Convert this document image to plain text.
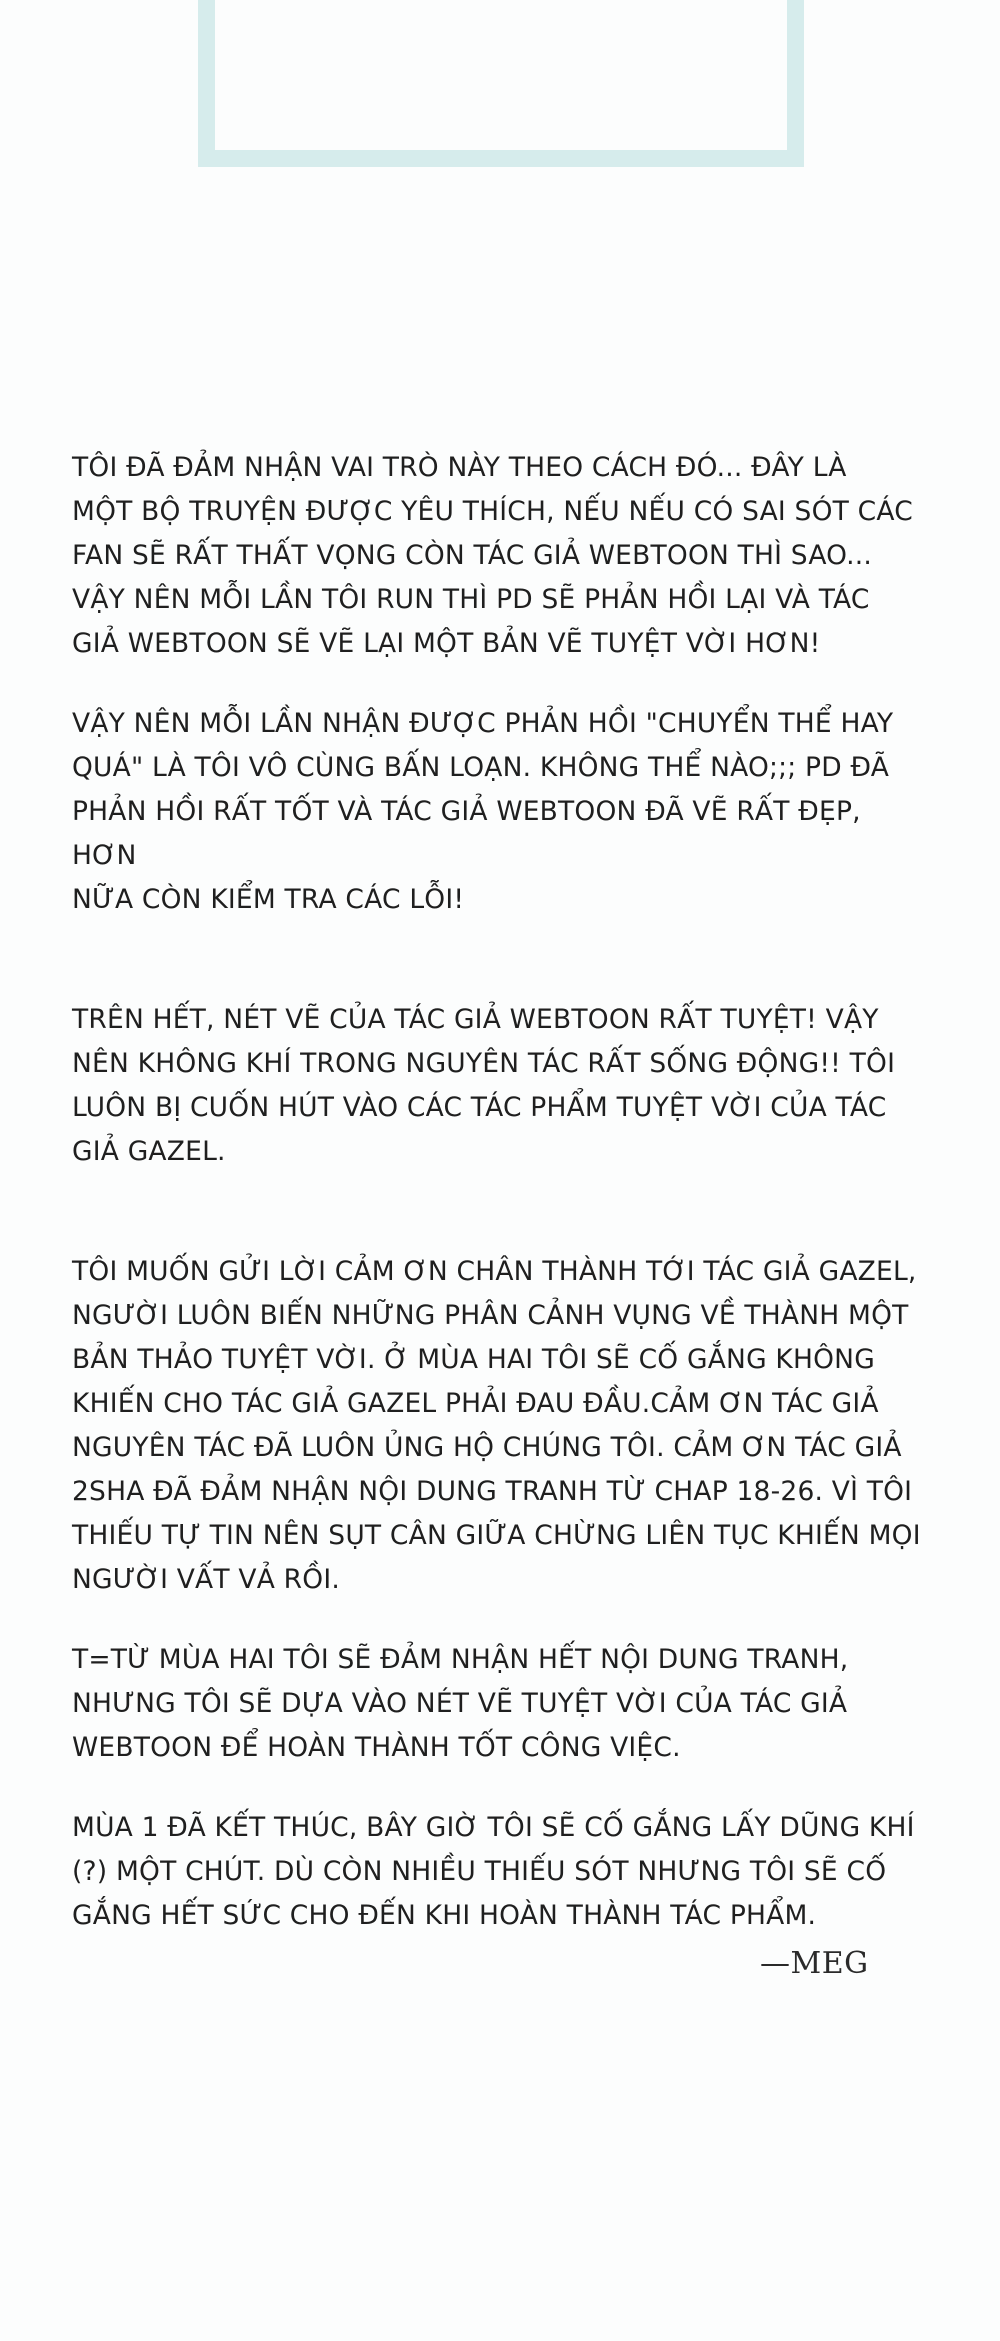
TÔI ĐÃ ĐẢM NHẬN VAI TRÒ NÀY THEO CÁCH ĐÓ... ĐÂY LÀ
MỘT BỘ TRUYỆN ĐƯỢC YÊU THÍCH, NẾU NẾU CÓ SAI SÓT CÁC
FAN SẼ RẤT THẤT VỌNG CÒN TÁC GIẢ WEBTOON THÌ SAO...
VẬY NÊN MỖI LẦN TÔI RUN THÌ PD SẼ PHẢN HỒI LẠI VÀ TÁC
GIẢ WEBTOON SẼ VẼ LẠI MỘT BẢN VẼ TUYỆT VỜI HƠN!

VẬY NÊN MỖI LẦN NHẬN ĐƯỢC PHẢN HỒI "CHUYỂN THỂ HAY
QUÁ" LÀ TÔI VÔ CÙNG BẤN LOẠN. KHÔNG THỂ NÀO;;; PD ĐÃ
PHẢN HỒI RẤT TỐT VÀ TÁC GIẢ WEBTOON ĐÃ VẼ RẤT ĐẸP, HƠN
NỮA CÒN KIỂM TRA CÁC LỖI!

TRÊN HẾT, NÉT VẼ CỦA TÁC GIẢ WEBTOON RẤT TUYỆT! VẬY
NÊN KHÔNG KHÍ TRONG NGUYÊN TÁC RẤT SỐNG ĐỘNG!! TÔI
LUÔN BỊ CUỐN HÚT VÀO CÁC TÁC PHẨM TUYỆT VỜI CỦA TÁC
GIẢ GAZEL.

TÔI MUỐN GỬI LỜI CẢM ƠN CHÂN THÀNH TỚI TÁC GIẢ GAZEL,
NGƯỜI LUÔN BIẾN NHỮNG PHÂN CẢNH VỤNG VỀ THÀNH MỘT
BẢN THẢO TUYỆT VỜI. Ở MÙA HAI TÔI SẼ CỐ GẮNG KHÔNG
KHIẾN CHO TÁC GIẢ GAZEL PHẢI ĐAU ĐẦU.CẢM ƠN TÁC GIẢ
NGUYÊN TÁC ĐÃ LUÔN ỦNG HỘ CHÚNG TÔI. CẢM ƠN TÁC GIẢ
2SHA ĐÃ ĐẢM NHẬN NỘI DUNG TRANH TỪ CHAP 18-26. VÌ TÔI
THIẾU TỰ TIN NÊN SỤT CÂN GIỮA CHỪNG LIÊN TỤC KHIẾN MỌI
NGƯỜI VẤT VẢ RỒI.

T=TỪ MÙA HAI TÔI SẼ ĐẢM NHẬN HẾT NỘI DUNG TRANH,
NHƯNG TÔI SẼ DỰA VÀO NÉT VẼ TUYỆT VỜI CỦA TÁC GIẢ
WEBTOON ĐỂ HOÀN THÀNH TỐT CÔNG VIỆC.

MÙA 1 ĐÃ KẾT THÚC, BÂY GIỜ TÔI SẼ CỐ GẮNG LẤY DŨNG KHÍ
(?) MỘT CHÚT. DÙ CÒN NHIỀU THIẾU SÓT NHƯNG TÔI SẼ CỐ
GẮNG HẾT SỨC CHO ĐẾN KHI HOÀN THÀNH TÁC PHẨM.

—MEG
